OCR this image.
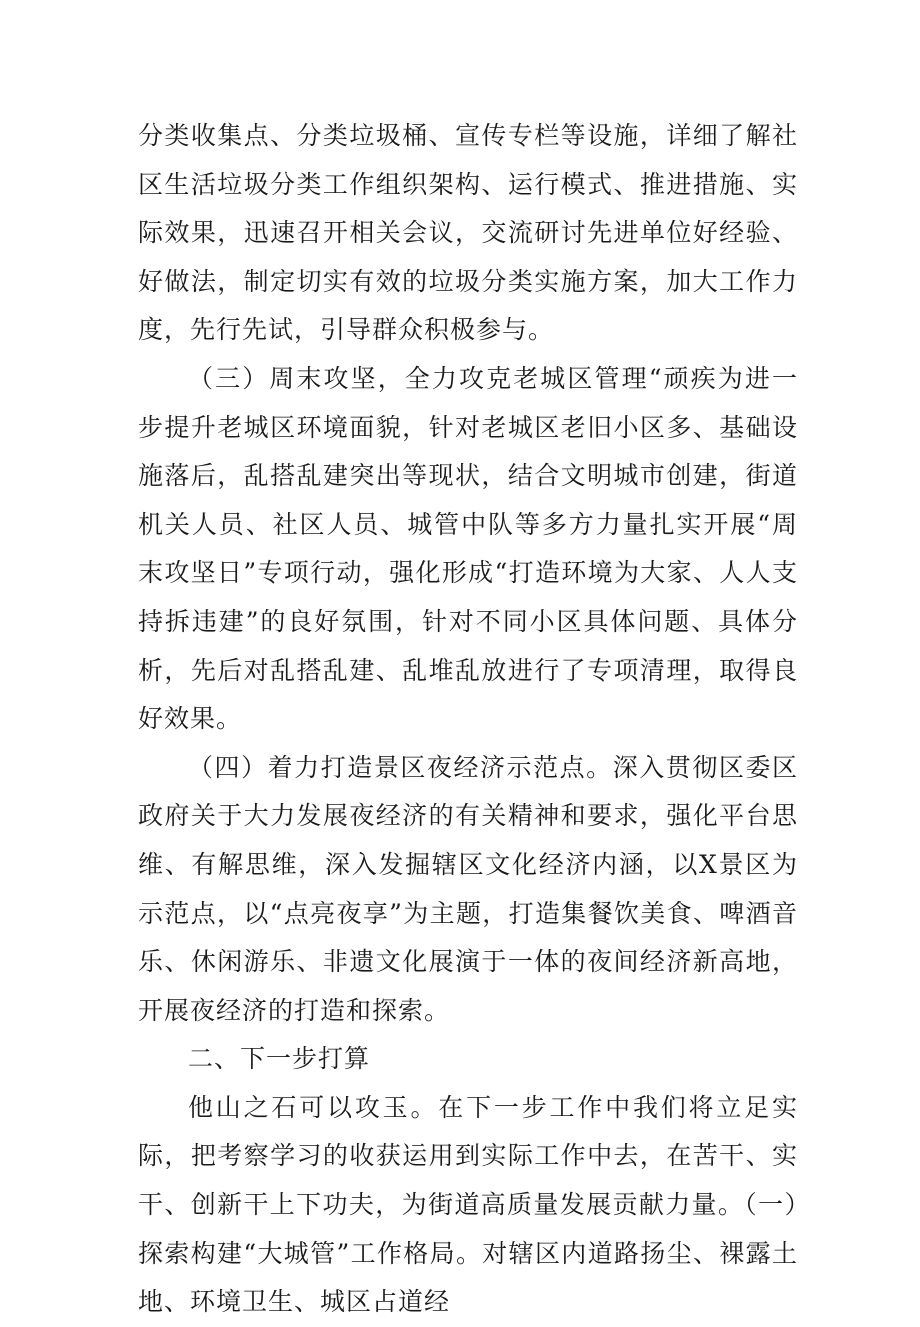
分类收集点、分类垃圾桶、宣传专栏等设施，详细了解社区生活垃圾分类工作组织架构、运行模式、推进措施、实际效果，迅速召开相关会议，交流研讨先进单位好经验、好做法，制定切实有效的垃圾分类实施方案，加大工作力度，先行先试，引导群众积极参与。

（三）周末攻坚，全力攻克老城区管理“顽疾为进一步提升老城区环境面貌，针对老城区老旧小区多、基础设施落后，乱搭乱建突出等现状，结合文明城市创建，街道机关人员、社区人员、城管中队等多方力量扎实开展“周末攻坚日”专项行动，强化形成“打造环境为大家、人人支持拆违建”的良好氛围，针对不同小区具体问题、具体分析，先后对乱搭乱建、乱堆乱放进行了专项清理，取得良好效果。

（四）着力打造景区夜经济示范点。深入贯彻区委区政府关于大力发展夜经济的有关精神和要求，强化平台思维、有解思维，深入发掘辖区文化经济内涵，以X景区为示范点，以“点亮夜享”为主题，打造集餐饮美食、啤酒音乐、休闲游乐、非遗文化展演于一体的夜间经济新高地，开展夜经济的打造和探索。

二、下一步打算

他山之石可以攻玉。在下一步工作中我们将立足实际，把考察学习的收获运用到实际工作中去，在苦干、实干、创新干上下功夫，为街道高质量发展贡献力量。（一）探索构建“大城管”工作格局。对辖区内道路扬尘、裸露土地、环境卫生、城区占道经
